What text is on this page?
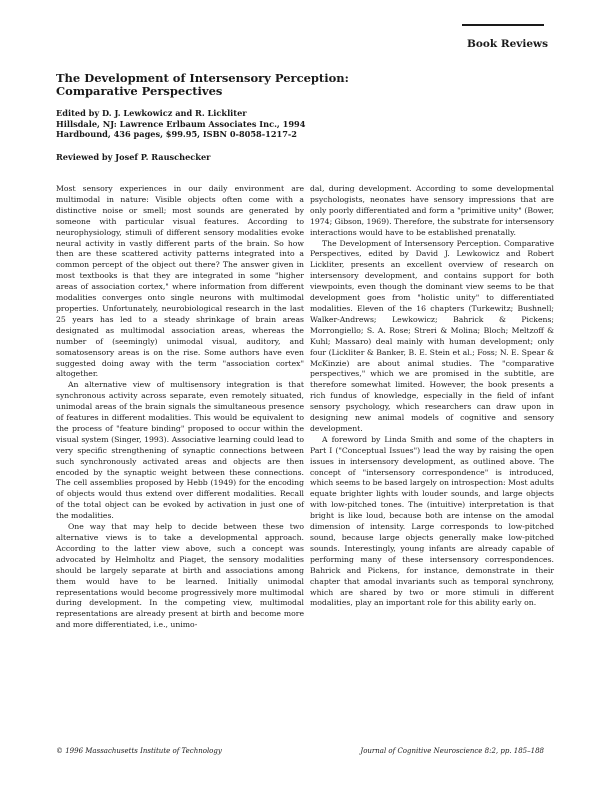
Book Reviews
The Development of Intersensory Perception:
Comparative Perspectives
Edited by D. J. Lewkowicz and R. Lickliter
Hillsdale, NJ: Lawrence Erlbaum Associates Inc., 1994
Hardbound, 436 pages, $99.95, ISBN 0-8058-1217-2
Reviewed by Josef P. Rauschecker

Most sensory experiences in our daily environment are multimodal in nature: Visible objects often come with a distinctive noise or smell; most sounds are generated by someone with particular visual features. According to neurophysiology, stimuli of different sensory modalities evoke neural activity in vastly different parts of the brain. So how then are these scattered activity patterns integrated into a common percept of the object out there? The answer given in most textbooks is that they are integrated in some "higher areas of association cortex," where information from different modalities converges onto single neurons with multimodal properties. Unfortunately, neurobiological research in the last 25 years has led to a steady shrinkage of brain areas designated as multimodal association areas, whereas the number of (seemingly) unimodal visual, auditory, and somatosensory areas is on the rise. Some authors have even suggested doing away with the term "association cortex" altogether.

An alternative view of multisensory integration is that synchronous activity across separate, even remotely situated, unimodal areas of the brain signals the simultaneous presence of features in different modalities. This would be equivalent to the process of "feature binding" proposed to occur within the visual system (Singer, 1993). Associative learning could lead to very specific strengthening of synaptic connections between such synchronously activated areas and objects are then encoded by the synaptic weight between these connections. The cell assemblies proposed by Hebb (1949) for the encoding of objects would thus extend over different modalities. Recall of the total object can be evoked by activation in just one of the modalities.

One way that may help to decide between these two alternative views is to take a developmental approach. According to the latter view above, such a concept was advocated by Helmholtz and Piaget, the sensory modalities should be largely separate at birth and associations among them would have to be learned. Initially unimodal representations would become progressively more multimodal during development. In the competing view, multimodal representations are already present at birth and become more and more differentiated, i.e., unimo-

dal, during development. According to some developmental psychologists, neonates have sensory impressions that are only poorly differentiated and form a "primitive unity" (Bower, 1974; Gibson, 1969). Therefore, the substrate for intersensory interactions would have to be established prenatally.

The Development of Intersensory Perception. Comparative Perspectives, edited by David J. Lewkowicz and Robert Lickliter, presents an excellent overview of research on intersensory development, and contains support for both viewpoints, even though the dominant view seems to be that development goes from "holistic unity" to differentiated modalities. Eleven of the 16 chapters (Turkewitz; Bushnell; Walker-Andrews; Lewkowicz; Bahrick & Pickens; Morrongiello; S. A. Rose; Streri & Molina; Bloch; Meltzoff & Kuhl; Massaro) deal mainly with human development; only four (Lickliter & Banker, B. E. Stein et al.; Foss; N. E. Spear & McKinzie) are about animal studies. The "comparative perspectives," which we are promised in the subtitle, are therefore somewhat limited. However, the book presents a rich fundus of knowledge, especially in the field of infant sensory psychology, which researchers can draw upon in designing new animal models of cognitive and sensory development.

A foreword by Linda Smith and some of the chapters in Part I ("Conceptual Issues") lead the way by raising the open issues in intersensory development, as outlined above. The concept of "intersensory correspondence" is introduced, which seems to be based largely on introspection: Most adults equate brighter lights with louder sounds, and large objects with low-pitched tones. The (intuitive) interpretation is that bright is like loud, because both are intense on the amodal dimension of intensity. Large corresponds to low-pitched sound, because large objects generally make low-pitched sounds. Interestingly, young infants are already capable of performing many of these intersensory correspondences. Bahrick and Pickens, for instance, demonstrate in their chapter that amodal invariants such as temporal synchrony, which are shared by two or more stimuli in different modalities, play an important role for this ability early on.

© 1996 Massachusetts Institute of Technology	Journal of Cognitive Neuroscience 8:2, pp. 185–188
